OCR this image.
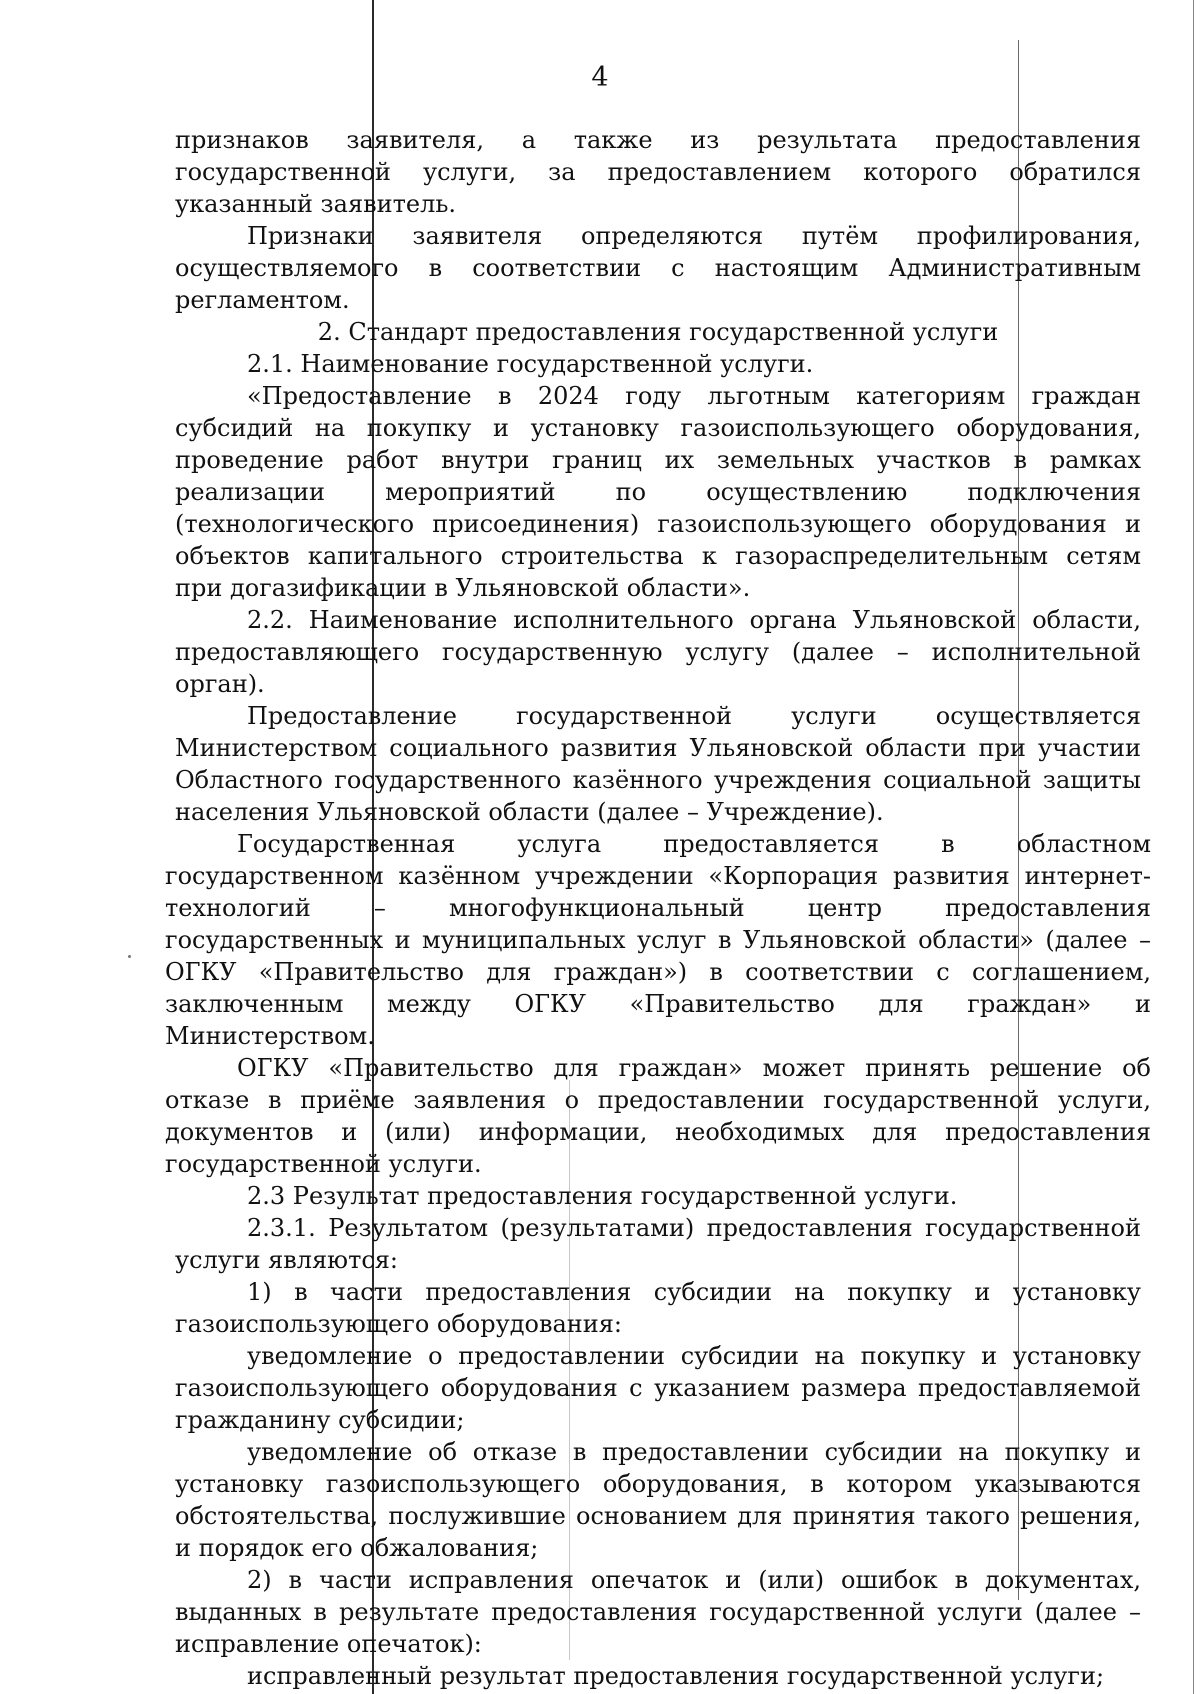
4

признаков заявителя, а также из результата предоставления государственной услуги, за предоставлением которого обратился указанный заявитель.

Признаки заявителя определяются путём профилирования, осуществляемого в соответствии с настоящим Административным регламентом.

2. Стандарт предоставления государственной услуги

2.1. Наименование государственной услуги.

«Предоставление в 2024 году льготным категориям граждан субсидий на покупку и установку газоиспользующего оборудования, проведение работ внутри границ их земельных участков в рамках реализации мероприятий по осуществлению подключения (технологического присоединения) газоиспользующего оборудования и объектов капитального строительства к газораспределительным сетям при догазификации в Ульяновской области».

2.2. Наименование исполнительного органа Ульяновской области, предоставляющего государственную услугу (далее – исполнительной орган).

Предоставление государственной услуги осуществляется Министерством социального развития Ульяновской области при участии Областного государственного казённого учреждения социальной защиты населения Ульяновской области (далее – Учреждение).

Государственная услуга предоставляется в областном государственном казённом учреждении «Корпорация развития интернет-технологий – многофункциональный центр предоставления государственных и муниципальных услуг в Ульяновской области» (далее – ОГКУ «Правительство для граждан») в соответствии с соглашением, заключенным между ОГКУ «Правительство для граждан» и Министерством.

ОГКУ «Правительство для граждан» может принять решение об отказе в приёме заявления о предоставлении государственной услуги, документов и (или) информации, необходимых для предоставления государственной услуги.

2.3 Результат предоставления государственной услуги.

2.3.1. Результатом (результатами) предоставления государственной услуги являются:

1) в части предоставления субсидии на покупку и установку газоиспользующего оборудования:

уведомление о предоставлении субсидии на покупку и установку газоиспользующего оборудования с указанием размера предоставляемой гражданину субсидии;

уведомление об отказе в предоставлении субсидии на покупку и установку газоиспользующего оборудования, в котором указываются обстоятельства, послужившие основанием для принятия такого решения, и порядок его обжалования;

2) в части исправления опечаток и (или) ошибок в документах, выданных в результате предоставления государственной услуги (далее – исправление опечаток):

исправленный результат предоставления государственной услуги;
